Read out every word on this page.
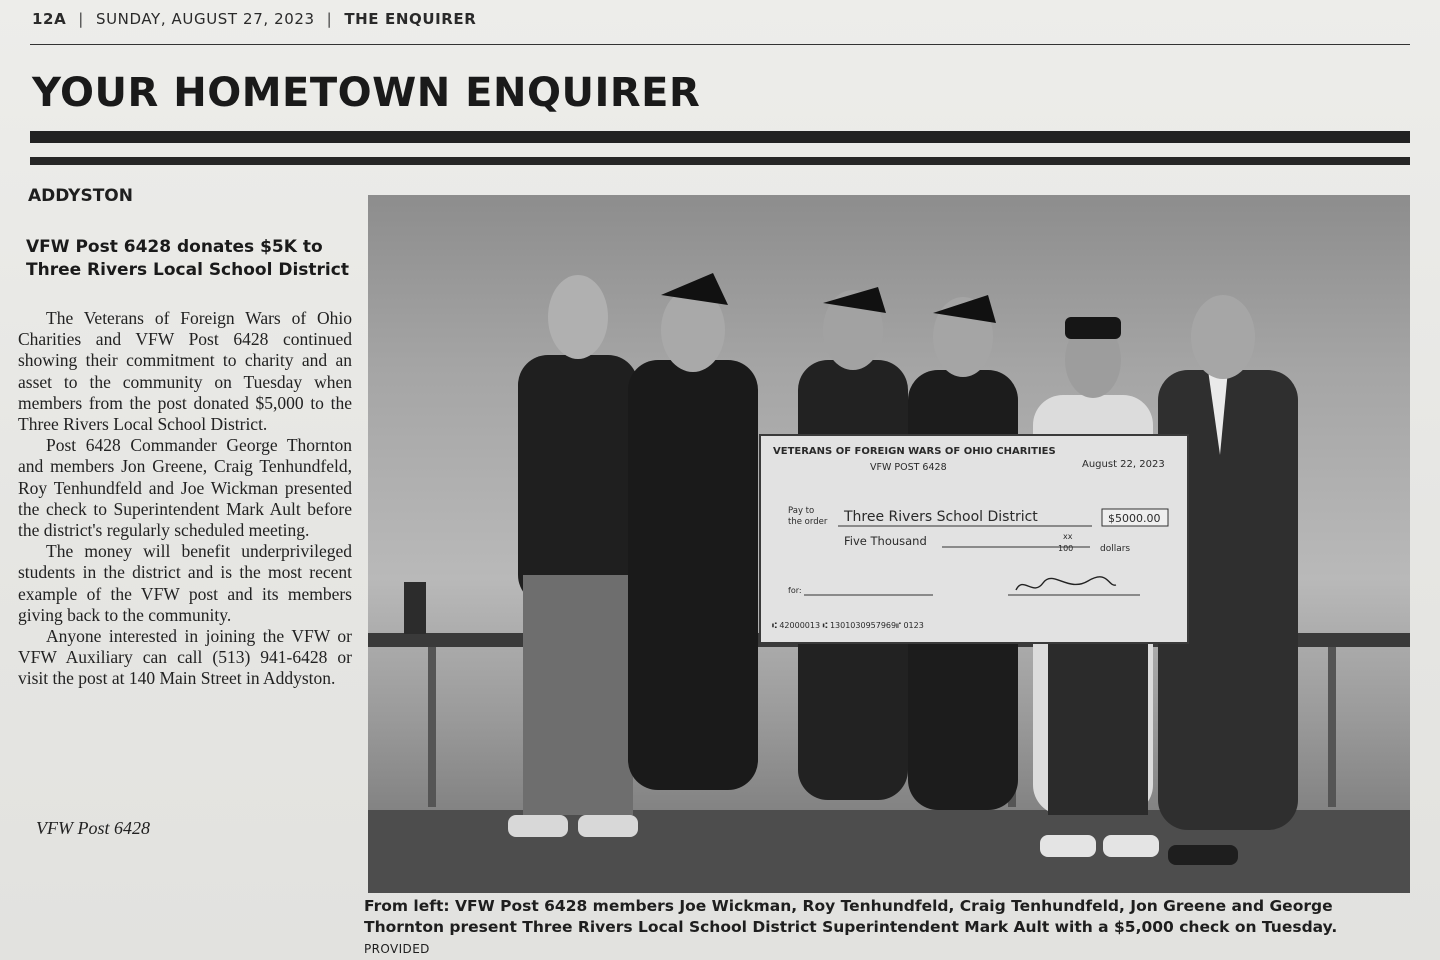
12A | SUNDAY, AUGUST 27, 2023 | THE ENQUIRER
YOUR HOMETOWN ENQUIRER
ADDYSTON
VFW Post 6428 donates $5K to
Three Rivers Local School District

The Veterans of Foreign Wars of Ohio Charities and VFW Post 6428 continued showing their commitment to charity and an asset to the community on Tuesday when members from the post donated $5,000 to the Three Rivers Local School District.

Post 6428 Commander George Thornton and members Jon Greene, Craig Tenhundfeld, Roy Tenhundfeld and Joe Wickman presented the check to Superintendent Mark Ault before the district's regularly scheduled meeting.

The money will benefit underprivileged students in the district and is the most recent example of the VFW post and its members giving back to the community.

Anyone interested in joining the VFW or VFW Auxiliary can call (513) 941-6428 or visit the post at 140 Main Street in Addyston.

VFW Post 6428
VETERANS OF FOREIGN WARS OF OHIO CHARITIES
VFW POST 6428	August 22, 2023
Pay to
the order Three Rivers School District	$5000.00
Five Thousand	xx
100	dollars
for:
⑆ 42000013 ⑆ 1301030957969⑈ 0123
From left: VFW Post 6428 members Joe Wickman, Roy Tenhundfeld, Craig Tenhundfeld, Jon Greene and George Thornton present Three Rivers Local School District Superintendent Mark Ault with a $5,000 check on Tuesday. PROVIDED
